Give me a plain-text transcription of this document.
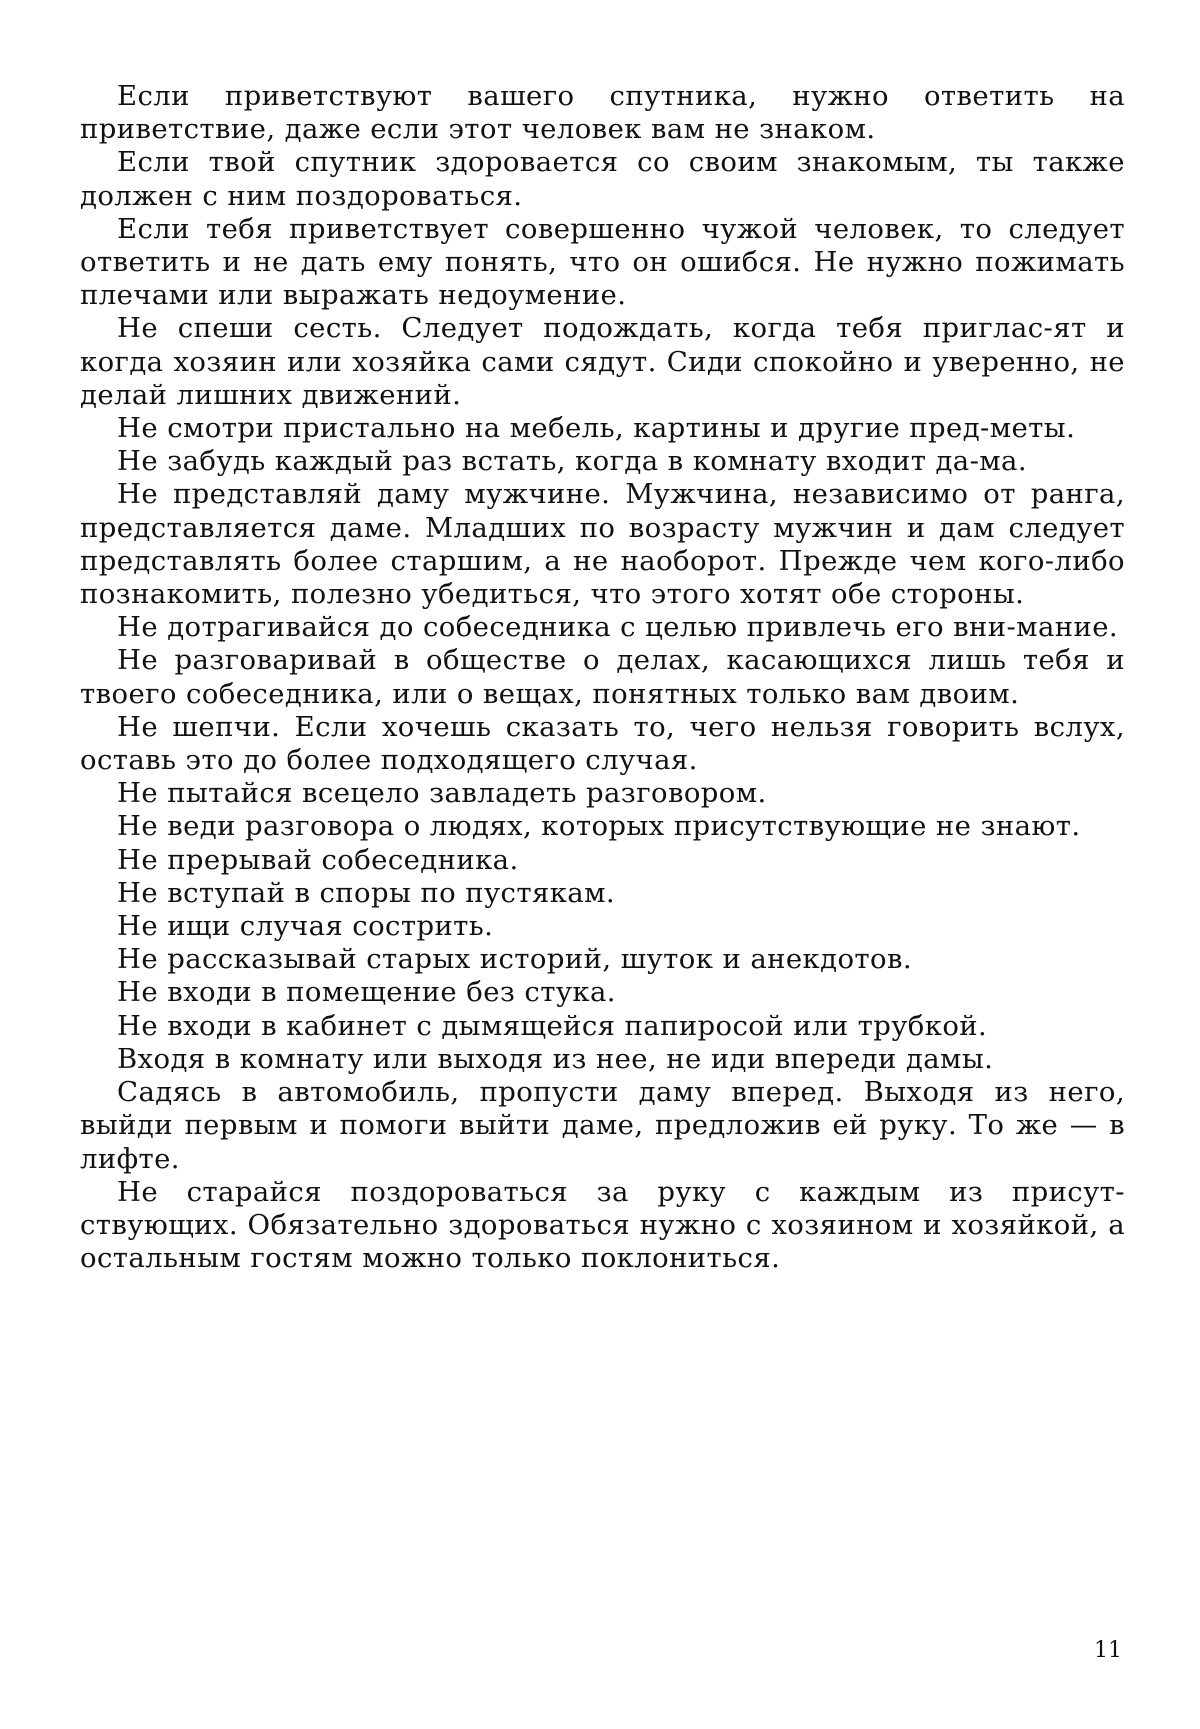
Если приветствуют вашего спутника, нужно ответить на приветствие, даже если этот человек вам не знаком.

Если твой спутник здоровается со своим знакомым, ты также должен с ним поздороваться.

Если тебя приветствует совершенно чужой человек, то следует ответить и не дать ему понять, что он ошибся. Не нужно пожимать плечами или выражать недоумение.

Не спеши сесть. Следует подождать, когда тебя приглас-ят и когда хозяин или хозяйка сами сядут. Сиди спокойно и уверенно, не делай лишних движений.

Не смотри пристально на мебель, картины и другие пред-меты.

Не забудь каждый раз встать, когда в комнату входит да-ма.

Не представляй даму мужчине. Мужчина, независимо от ранга, представляется даме. Младших по возрасту мужчин и дам следует представлять более старшим, а не наоборот. Прежде чем кого-либо познакомить, полезно убедиться, что этого хотят обе стороны.

Не дотрагивайся до собеседника с целью привлечь его вни-мание.

Не разговаривай в обществе о делах, касающихся лишь тебя и твоего собеседника, или о вещах, понятных только вам двоим.

Не шепчи. Если хочешь сказать то, чего нельзя говорить вслух, оставь это до более подходящего случая.

Не пытайся всецело завладеть разговором.

Не веди разговора о людях, которых присутствующие не знают.

Не прерывай собеседника.

Не вступай в споры по пустякам.

Не ищи случая сострить.

Не рассказывай старых историй, шуток и анекдотов.

Не входи в помещение без стука.

Не входи в кабинет с дымящейся папиросой или трубкой.

Входя в комнату или выходя из нее, не иди впереди дамы.

Садясь в автомобиль, пропусти даму вперед. Выходя из него, выйди первым и помоги выйти даме, предложив ей руку. То же — в лифте.

Не старайся поздороваться за руку с каждым из присут-ствующих. Обязательно здороваться нужно с хозяином и хозяйкой, а остальным гостям можно только поклониться.

11
